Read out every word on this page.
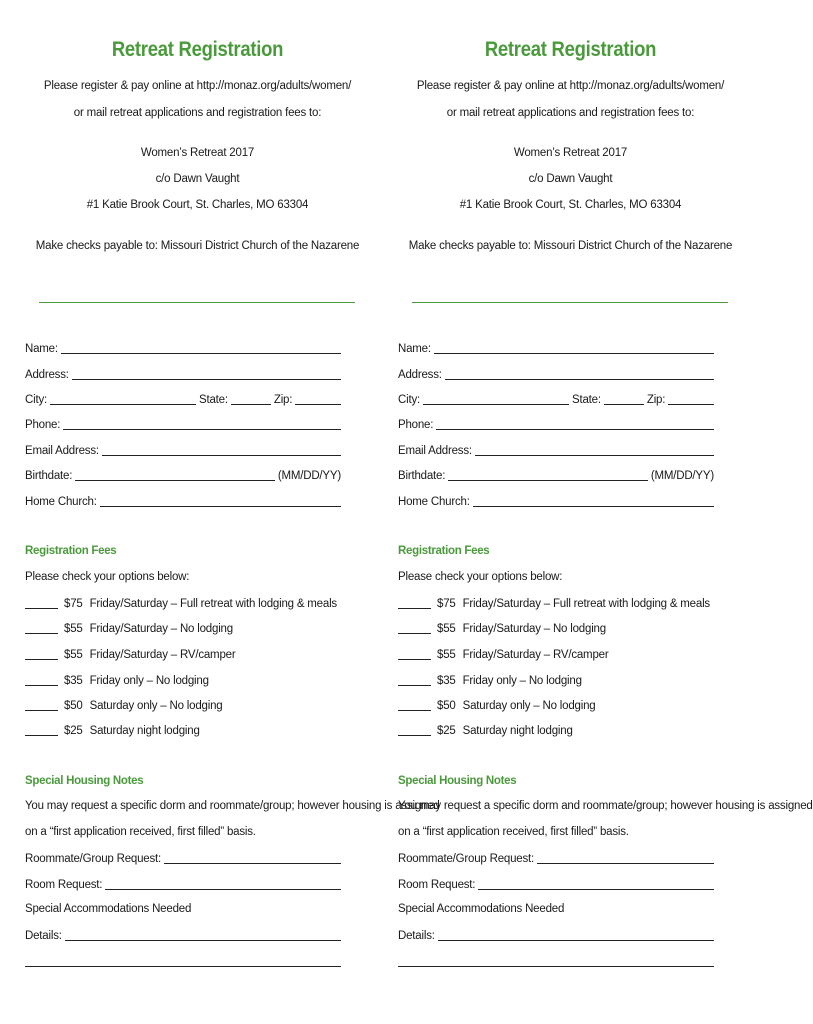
Retreat Registration
Please register & pay online at http://monaz.org/adults/women/
or mail retreat applications and registration fees to:
Women’s Retreat 2017
c/o Dawn Vaught
#1 Katie Brook Court, St. Charles, MO 63304
Make checks payable to: Missouri District Church of the Nazarene
Name:
Address:
City:	State:	Zip:
Phone:
Email Address:
Birthdate:	(MM/DD/YY)
Home Church:
Registration Fees
Please check your options below:
$75 Friday/Saturday – Full retreat with lodging & meals
$55 Friday/Saturday – No lodging
$55 Friday/Saturday – RV/camper
$35 Friday only – No lodging
$50 Saturday only – No lodging
$25 Saturday night lodging
Special Housing Notes
You may request a specific dorm and roommate/group; however housing is assigned
on a “first application received, first filled” basis.
Roommate/Group Request:
Room Request:
Special Accommodations Needed
Details:
Retreat Registration
Please register & pay online at http://monaz.org/adults/women/
or mail retreat applications and registration fees to:
Women’s Retreat 2017
c/o Dawn Vaught
#1 Katie Brook Court, St. Charles, MO 63304
Make checks payable to: Missouri District Church of the Nazarene
Name:
Address:
City:	State:	Zip:
Phone:
Email Address:
Birthdate:	(MM/DD/YY)
Home Church:
Registration Fees
Please check your options below:
$75 Friday/Saturday – Full retreat with lodging & meals
$55 Friday/Saturday – No lodging
$55 Friday/Saturday – RV/camper
$35 Friday only – No lodging
$50 Saturday only – No lodging
$25 Saturday night lodging
Special Housing Notes
You may request a specific dorm and roommate/group; however housing is assigned
on a “first application received, first filled” basis.
Roommate/Group Request:
Room Request:
Special Accommodations Needed
Details:
